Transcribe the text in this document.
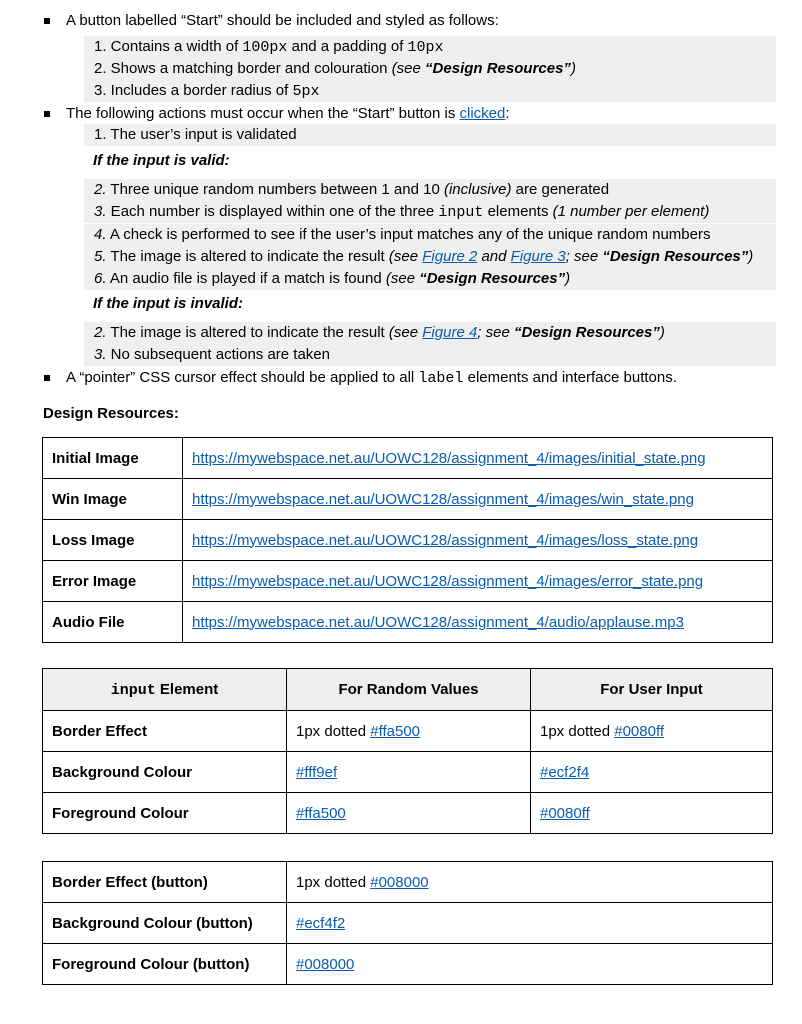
A button labelled “Start” should be included and styled as follows:
1. Contains a width of 100px and a padding of 10px
2. Shows a matching border and colouration (see “Design Resources”)
3. Includes a border radius of 5px
The following actions must occur when the “Start” button is clicked:
1. The user’s input is validated
If the input is valid:
2. Three unique random numbers between 1 and 10 (inclusive) are generated
3. Each number is displayed within one of the three input elements (1 number per element)
4. A check is performed to see if the user’s input matches any of the unique random numbers
5. The image is altered to indicate the result (see Figure 2 and Figure 3; see “Design Resources”)
6. An audio file is played if a match is found (see “Design Resources”)
If the input is invalid:
2. The image is altered to indicate the result (see Figure 4; see “Design Resources”)
3. No subsequent actions are taken
A “pointer” CSS cursor effect should be applied to all label elements and interface buttons.
Design Resources:
Initial Image	https://mywebspace.net.au/UOWC128/assignment_4/images/initial_state.png
Win Image	https://mywebspace.net.au/UOWC128/assignment_4/images/win_state.png
Loss Image	https://mywebspace.net.au/UOWC128/assignment_4/images/loss_state.png
Error Image	https://mywebspace.net.au/UOWC128/assignment_4/images/error_state.png
Audio File	https://mywebspace.net.au/UOWC128/assignment_4/audio/applause.mp3
input Element	For Random Values	For User Input
Border Effect	1px dotted #ffa500	1px dotted #0080ff
Background Colour	#fff9ef	#ecf2f4
Foreground Colour	#ffa500	#0080ff
Border Effect (button)	1px dotted #008000
Background Colour (button)	#ecf4f2
Foreground Colour (button)	#008000
